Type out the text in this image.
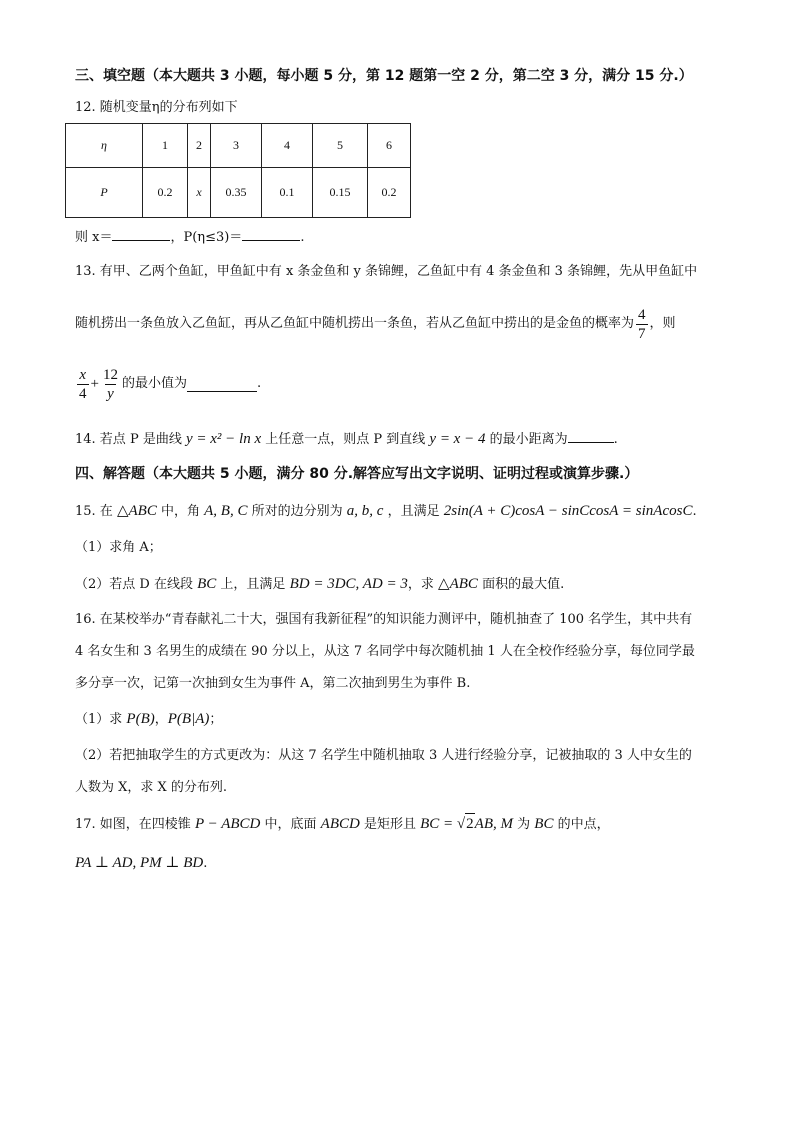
三、填空题（本大题共 3 小题，每小题 5 分，第 12 题第一空 2 分，第二空 3 分，满分 15 分.）
12. 随机变量η的分布列如下
η	1	2	3	4	5	6
P	0.2	x	0.35	0.1	0.15	0.2
则 x＝	，P(η≤3)＝	.
13. 有甲、乙两个鱼缸，甲鱼缸中有 x 条金鱼和 y 条锦鲤，乙鱼缸中有 4 条金鱼和 3 条锦鲤，先从甲鱼缸中
随机捞出一条鱼放入乙鱼缸，再从乙鱼缸中随机捞出一条鱼，若从乙鱼缸中捞出的是金鱼的概率为 $\frac{4}{7}$ ，则
$\frac{x}{4} + \frac{12}{y}$ 的最小值为	.
14. 若点 P 是曲线 y = x² − ln x 上任意一点，则点 P 到直线 y = x − 4 的最小距离为	.
四、解答题（本大题共 5 小题，满分 80 分.解答应写出文字说明、证明过程或演算步骤.）
15. 在 △ABC 中，角 A, B, C 所对的边分别为 a, b, c ，且满足 2sin(A + C)cosA − sinCcosA = sinAcosC.
（1）求角 A；
（2）若点 D 在线段 BC 上，且满足 BD = 3DC, AD = 3，求 △ABC 面积的最大值.
16. 在某校举办“青春献礼二十大，强国有我新征程”的知识能力测评中，随机抽查了 100 名学生，其中共有
4 名女生和 3 名男生的成绩在 90 分以上，从这 7 名同学中每次随机抽 1 人在全校作经验分享，每位同学最
多分享一次，记第一次抽到女生为事件 A，第二次抽到男生为事件 B.
（1）求 P(B)，P(B|A)；
（2）若把抽取学生的方式更改为：从这 7 名学生中随机抽取 3 人进行经验分享，记被抽取的 3 人中女生的
人数为 X，求 X 的分布列.
17. 如图，在四棱锥 P − ABCD 中，底面 ABCD 是矩形且 BC = √2AB, M 为 BC 的中点，
PA ⊥ AD, PM ⊥ BD.
